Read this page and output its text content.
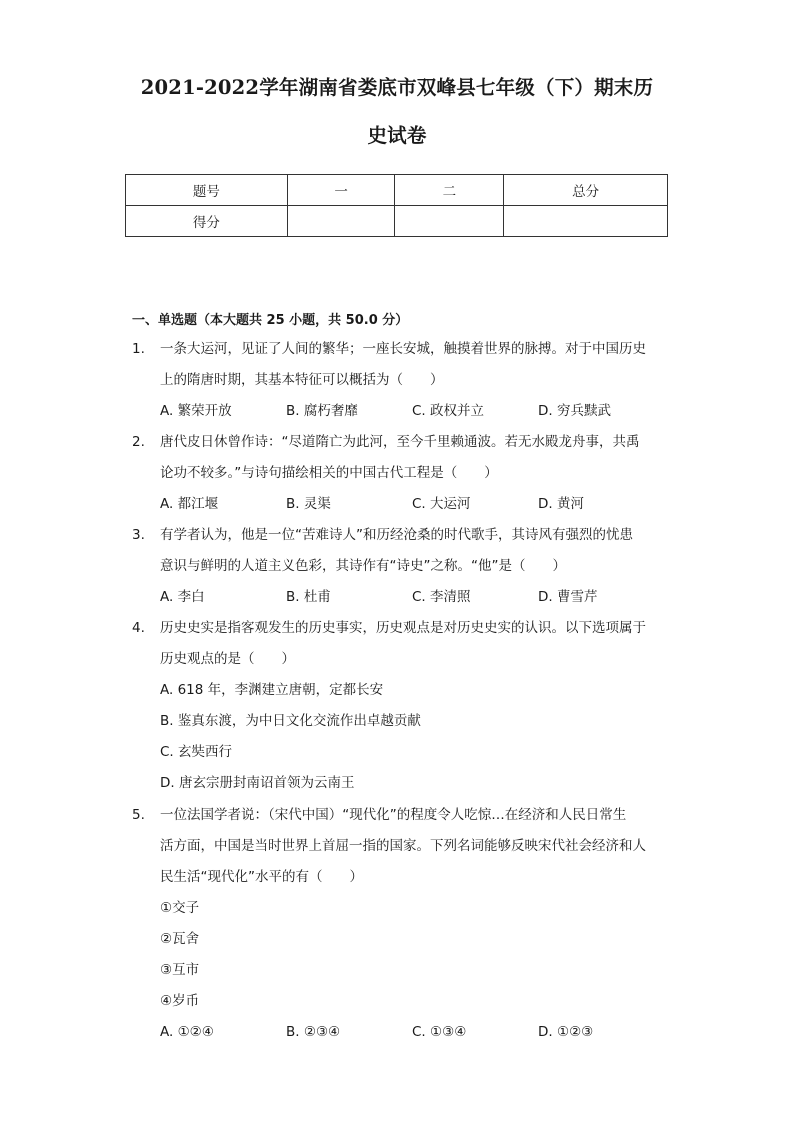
2021-2022学年湖南省娄底市双峰县七年级（下）期末历
史试卷
题号	一	二	总分
得分			
一、单选题（本大题共 25 小题，共 50.0 分）
1.	一条大运河，见证了人间的繁华；一座长安城，触摸着世界的脉搏。对于中国历史
上的隋唐时期，其基本特征可以概括为（　　）
A. 繁荣开放	B. 腐朽奢靡	C. 政权并立	D. 穷兵黩武
2.	唐代皮日休曾作诗：“尽道隋亡为此河，至今千里赖通波。若无水殿龙舟事，共禹
论功不较多。”与诗句描绘相关的中国古代工程是（　　）
A. 都江堰	B. 灵渠	C. 大运河	D. 黄河
3.	有学者认为，他是一位“苦难诗人”和历经沧桑的时代歌手，其诗风有强烈的忧患
意识与鲜明的人道主义色彩，其诗作有“诗史”之称。“他”是（　　）
A. 李白	B. 杜甫	C. 李清照	D. 曹雪芹
4.	历史史实是指客观发生的历史事实，历史观点是对历史史实的认识。以下选项属于
历史观点的是（　　）
A. 618 年，李渊建立唐朝，定都长安
B. 鉴真东渡，为中日文化交流作出卓越贡献
C. 玄奘西行
D. 唐玄宗册封南诏首领为云南王
5.	一位法国学者说：（宋代中国）“现代化”的程度令人吃惊…在经济和人民日常生
活方面，中国是当时世界上首屈一指的国家。下列名词能够反映宋代社会经济和人
民生活“现代化”水平的有（　　）
①交子
②瓦舍
③互市
④岁币
A. ①②④	B. ②③④	C. ①③④	D. ①②③
